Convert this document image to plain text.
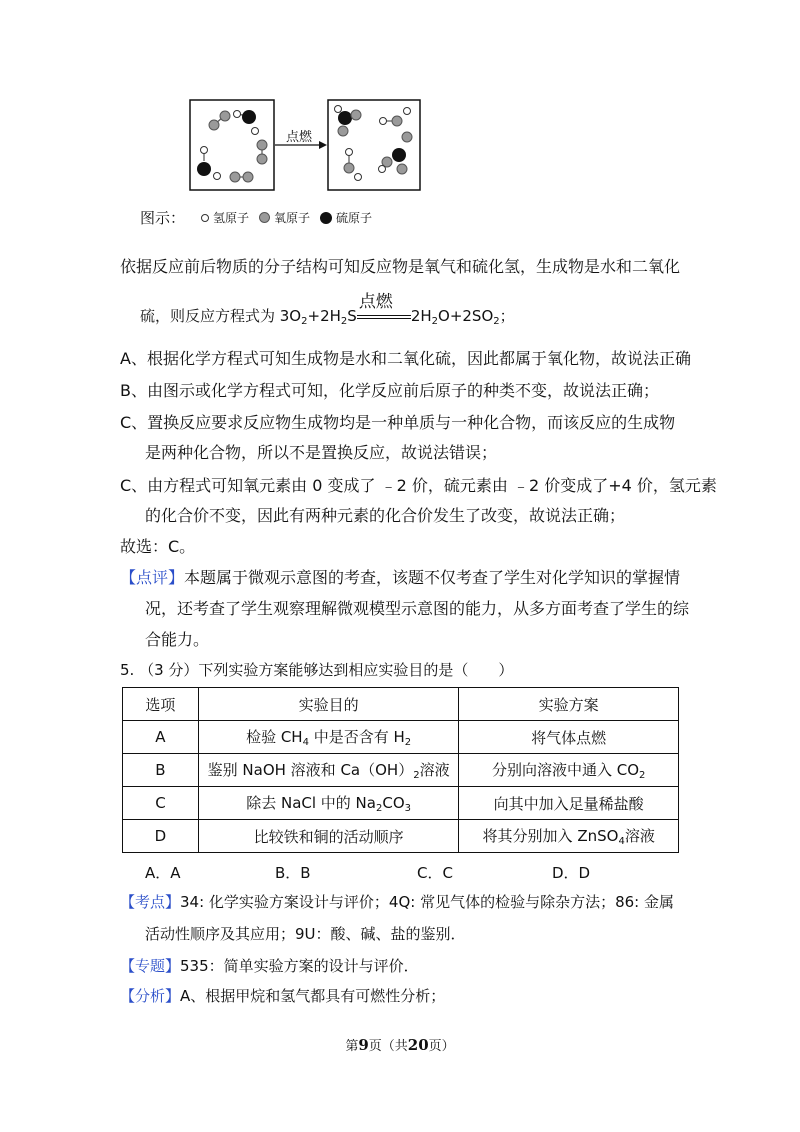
点燃
图示： 氢原子 氧原子 硫原子
依据反应前后物质的分子结构可知反应物是氧气和硫化氢，生成物是水和二氧化
硫，则反应方程式为 $3O_2+2H_2S$
点燃
$2H_2O+2SO_2$；
A、根据化学方程式可知生成物是水和二氧化硫，因此都属于氧化物，故说法正确
B、由图示或化学方程式可知，化学反应前后原子的种类不变，故说法正确；
C、置换反应要求反应物生成物均是一种单质与一种化合物，而该反应的生成物
是两种化合物，所以不是置换反应，故说法错误；
C、由方程式可知氧元素由 0 变成了 ﹣2 价，硫元素由 ﹣2 价变成了+4 价，氢元素
的化合价不变，因此有两种元素的化合价发生了改变，故说法正确；
故选：C。
【点评】本题属于微观示意图的考查，该题不仅考查了学生对化学知识的掌握情
况，还考查了学生观察理解微观模型示意图的能力，从多方面考查了学生的综
合能力。
5. （3 分）下列实验方案能够达到相应实验目的是（　　）
选项	实验目的	实验方案
A	检验 $CH_4$ 中是否含有 $H_2$	将气体点燃
B	鉴别 NaOH 溶液和 $Ca(OH)_2$溶液	分别向溶液中通入 $CO_2$
C	除去 NaCl 中的 $Na_2CO_3$	向其中加入足量稀盐酸
D	比较铁和铜的活动顺序	将其分别加入 ZnSO$_4$溶液
A．A	B．B	C．C	D．D
【考点】34: 化学实验方案设计与评价；4Q: 常见气体的检验与除杂方法；86: 金属
活动性顺序及其应用；9U：酸、碱、盐的鉴别．
【专题】535：简单实验方案的设计与评价．
【分析】A、根据甲烷和氢气都具有可燃性分析；
第9页（共20页）
